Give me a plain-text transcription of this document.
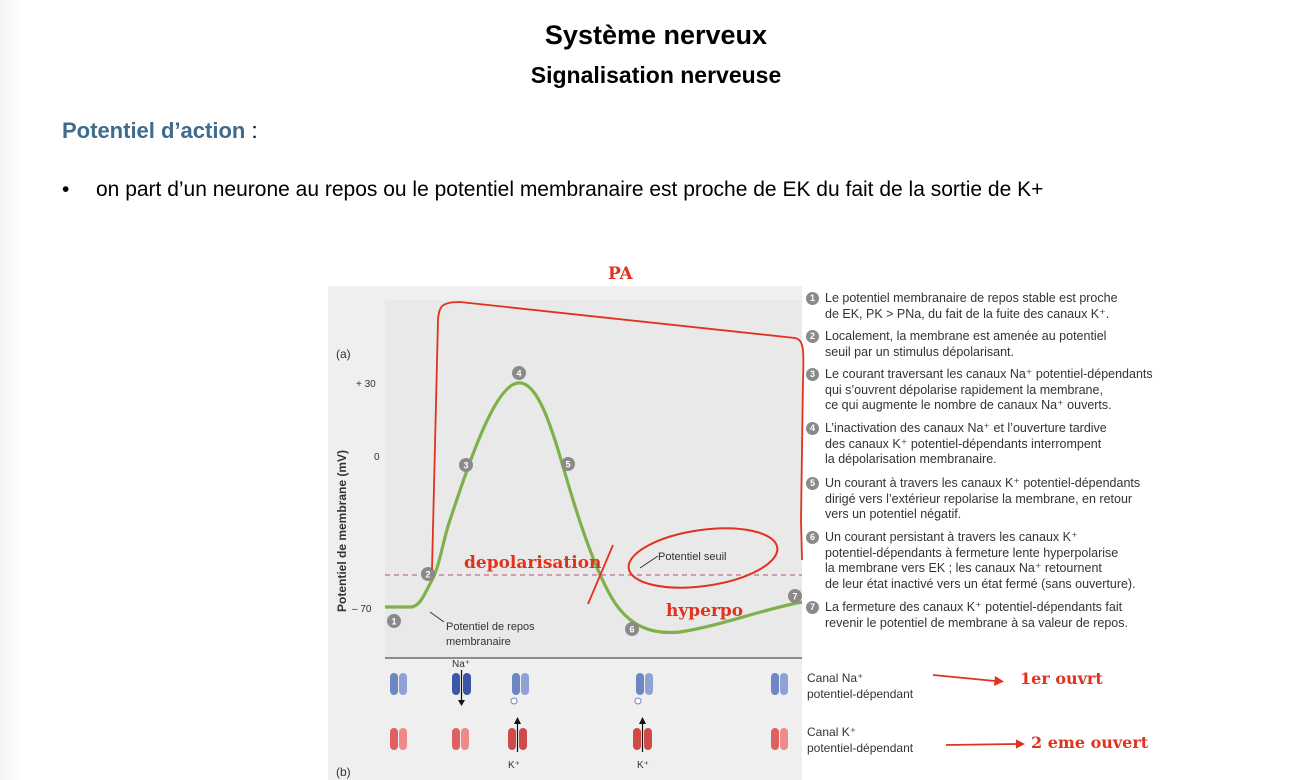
Système nerveux
Signalisation nerveuse
Potentiel d’action :
• on part d’un neurone au repos ou le potentiel membranaire est proche de EK du fait de la sortie de K+
(a)
(b)
Potentiel de membrane (mV)
+ 30
0
– 70
1
2
3
4
5
6
7
Potentiel seuil
Potentiel de repos
membranaire
Na⁺
K⁺	K⁺
Canal Na⁺
potentiel-dépendant
Canal K⁺
potentiel-dépendant
PA
depolarisation
hyperpo
1er ouvrt
2 eme ouvert
1 Le potentiel membranaire de repos stable est proche
de EK, PK > PNa, du fait de la fuite des canaux K⁺.
2 Localement, la membrane est amenée au potentiel
seuil par un stimulus dépolarisant.
3 Le courant traversant les canaux Na⁺ potentiel-dépendants
qui s’ouvrent dépolarise rapidement la membrane,
ce qui augmente le nombre de canaux Na⁺ ouverts.
4 L’inactivation des canaux Na⁺ et l’ouverture tardive
des canaux K⁺ potentiel-dépendants interrompent
la dépolarisation membranaire.
5 Un courant à travers les canaux K⁺ potentiel-dépendants
dirigé vers l’extérieur repolarise la membrane, en retour
vers un potentiel négatif.
6 Un courant persistant à travers les canaux K⁺
potentiel-dépendants à fermeture lente hyperpolarise
la membrane vers EK ; les canaux Na⁺ retournent
de leur état inactivé vers un état fermé (sans ouverture).
7 La fermeture des canaux K⁺ potentiel-dépendants fait
revenir le potentiel de membrane à sa valeur de repos.
